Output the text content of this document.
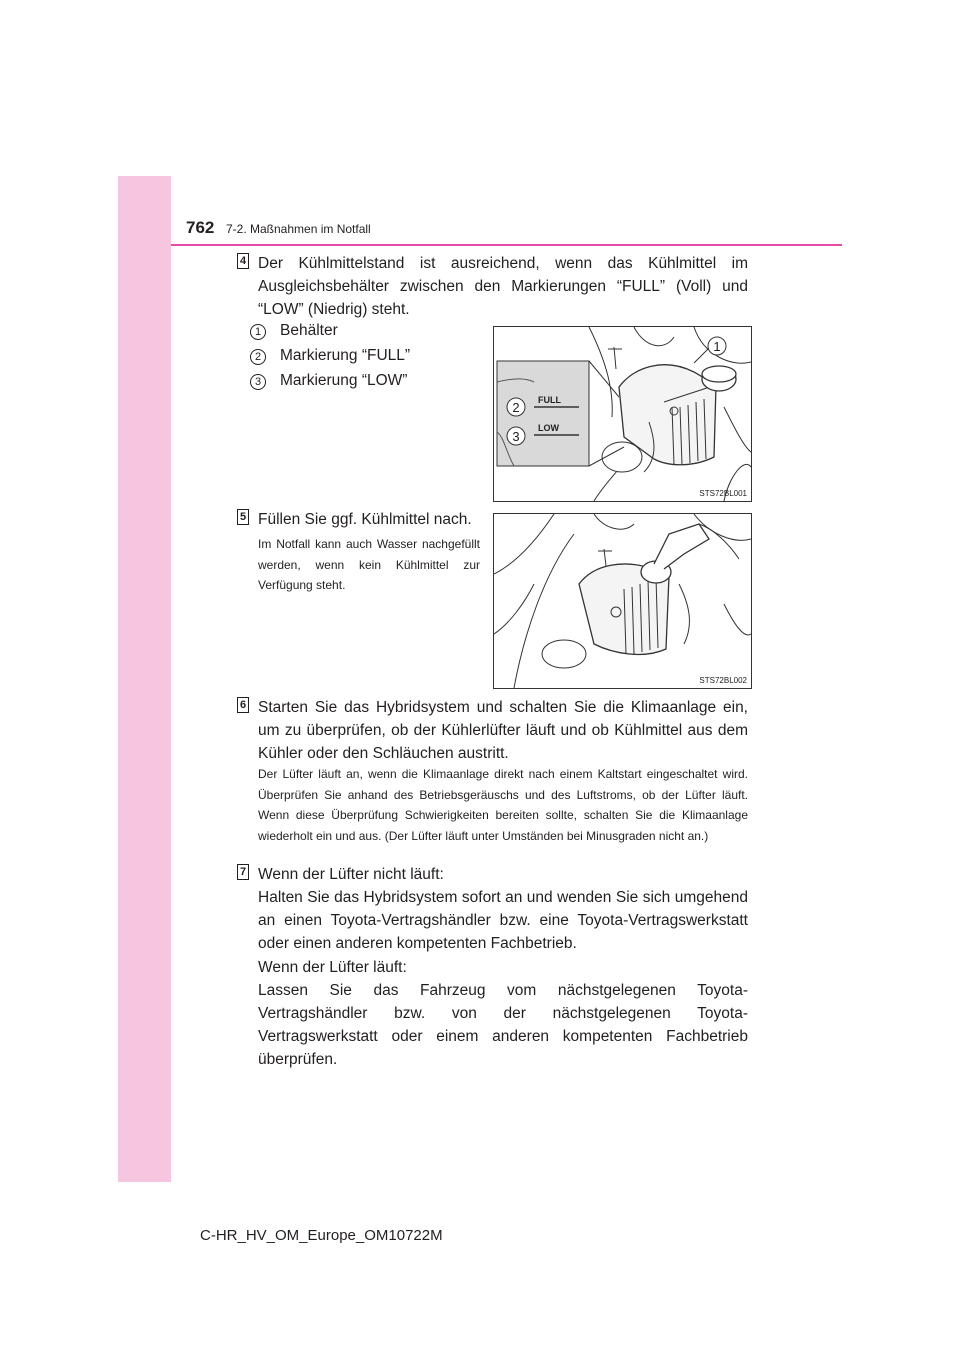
762 7-2. Maßnahmen im Notfall
4 Der Kühlmittelstand ist ausreichend, wenn das Kühlmittel im Ausgleichsbehälter zwischen den Markierungen “FULL” (Voll) und “LOW” (Niedrig) steht.
1	Behälter
2	Markierung “FULL”
3	Markierung “LOW”
FULL
LOW
2
3
1
STS72BL001
5 Füllen Sie ggf. Kühlmittel nach.
Im Notfall kann auch Wasser nachgefüllt werden, wenn kein Kühlmittel zur Verfügung steht.
STS72BL002
6 Starten Sie das Hybridsystem und schalten Sie die Klimaanlage ein, um zu überprüfen, ob der Kühlerlüfter läuft und ob Kühlmittel aus dem Kühler oder den Schläuchen austritt.
Der Lüfter läuft an, wenn die Klimaanlage direkt nach einem Kaltstart eingeschaltet wird. Überprüfen Sie anhand des Betriebsgeräuschs und des Luftstroms, ob der Lüfter läuft. Wenn diese Überprüfung Schwierigkeiten bereiten sollte, schalten Sie die Klimaanlage wiederholt ein und aus. (Der Lüfter läuft unter Umständen bei Minusgraden nicht an.)
7 Wenn der Lüfter nicht läuft:
Halten Sie das Hybridsystem sofort an und wenden Sie sich umgehend an einen Toyota-Vertragshändler bzw. eine Toyota-Vertragswerkstatt oder einen anderen kompetenten Fachbetrieb.
Wenn der Lüfter läuft:
Lassen Sie das Fahrzeug vom nächstgelegenen Toyota-Vertragshändler bzw. von der nächstgelegenen Toyota-Vertragswerkstatt oder einem anderen kompetenten Fachbetrieb überprüfen.
C-HR_HV_OM_Europe_OM10722M
